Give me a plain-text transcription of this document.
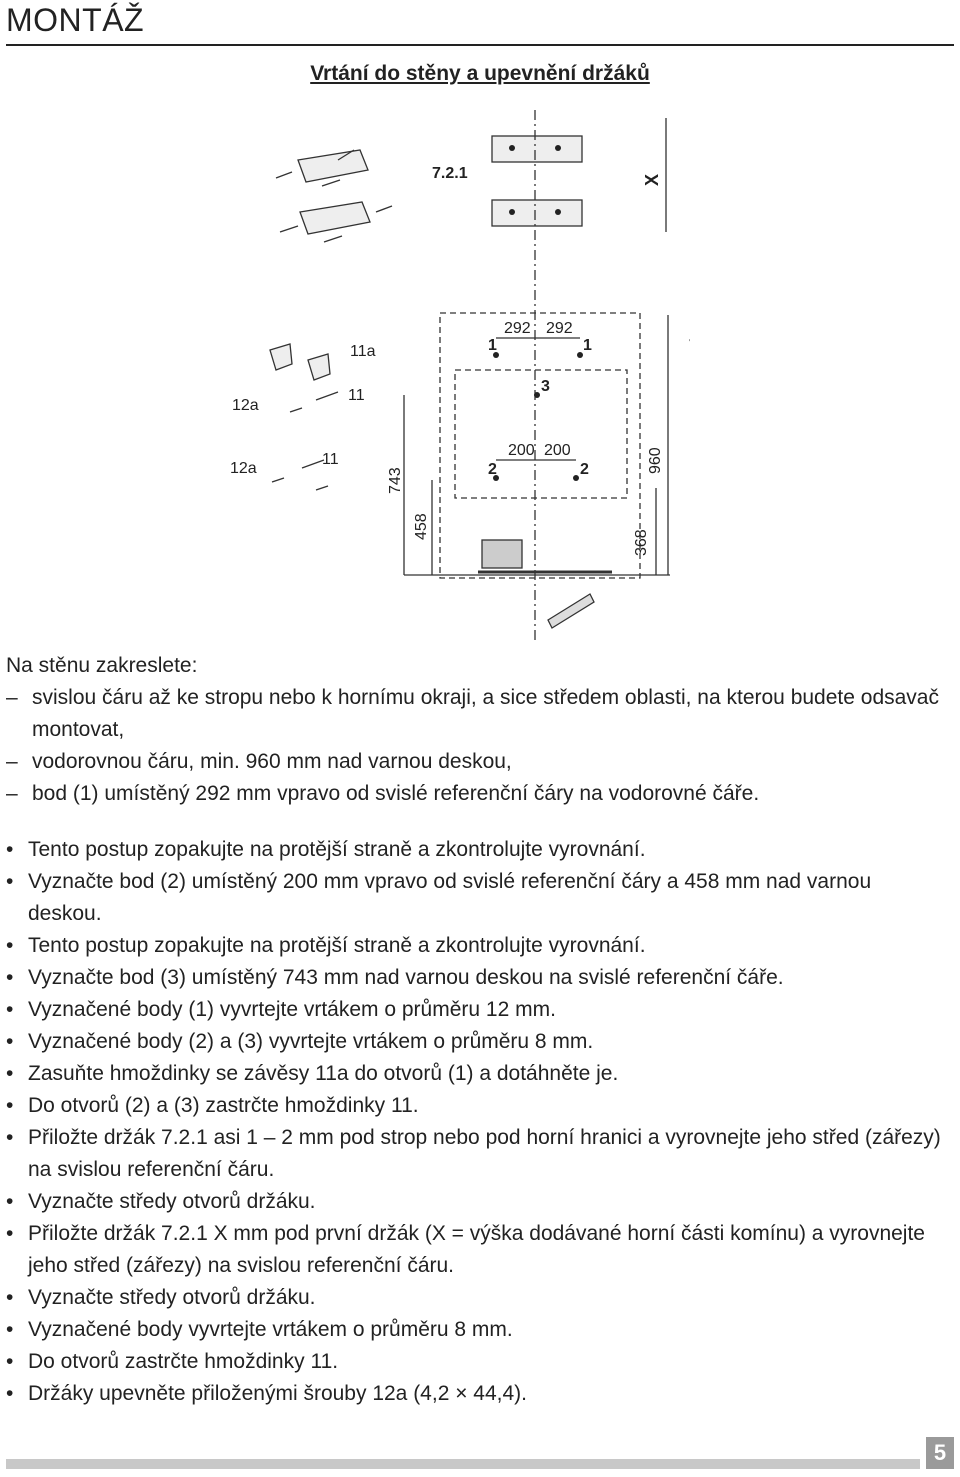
MONTÁŽ
Vrtání do stěny a upevnění držáků
7.2.1	X
292 292
1	1
3
200 200
2	2	960
743
458
368
11a
12a
11
12a
11

Na stěnu zakreslete:

– svislou čáru až ke stropu nebo k hornímu okraji, a sice středem oblasti, na kterou budete odsavač montovat,
– vodorovnou čáru, min. 960 mm nad varnou deskou,
– bod (1) umístěný 292 mm vpravo od svislé referenční čáry na vodorovné čáře.
• Tento postup zopakujte na protější straně a zkontrolujte vyrovnání.
• Vyznačte bod (2) umístěný 200 mm vpravo od svislé referenční čáry a 458 mm nad varnou deskou.
• Tento postup zopakujte na protější straně a zkontrolujte vyrovnání.
• Vyznačte bod (3) umístěný 743 mm nad varnou deskou na svislé referenční čáře.
• Vyznačené body (1) vyvrtejte vrtákem o průměru 12 mm.
• Vyznačené body (2) a (3) vyvrtejte vrtákem o průměru 8 mm.
• Zasuňte hmoždinky se závěsy 11a do otvorů (1) a dotáhněte je.
• Do otvorů (2) a (3) zastrčte hmoždinky 11.
• Přiložte držák 7.2.1 asi 1 – 2 mm pod strop nebo pod horní hranici a vyrovnejte jeho střed (zářezy) na svislou referenční čáru.
• Vyznačte středy otvorů držáku.
• Přiložte držák 7.2.1 X mm pod první držák (X = výška dodávané horní části komínu) a vyrovnejte jeho střed (zářezy) na svislou referenční čáru.
• Vyznačte středy otvorů držáku.
• Vyznačené body vyvrtejte vrtákem o průměru 8 mm.
• Do otvorů zastrčte hmoždinky 11.
• Držáky upevněte přiloženými šrouby 12a (4,2 × 44,4).
5
